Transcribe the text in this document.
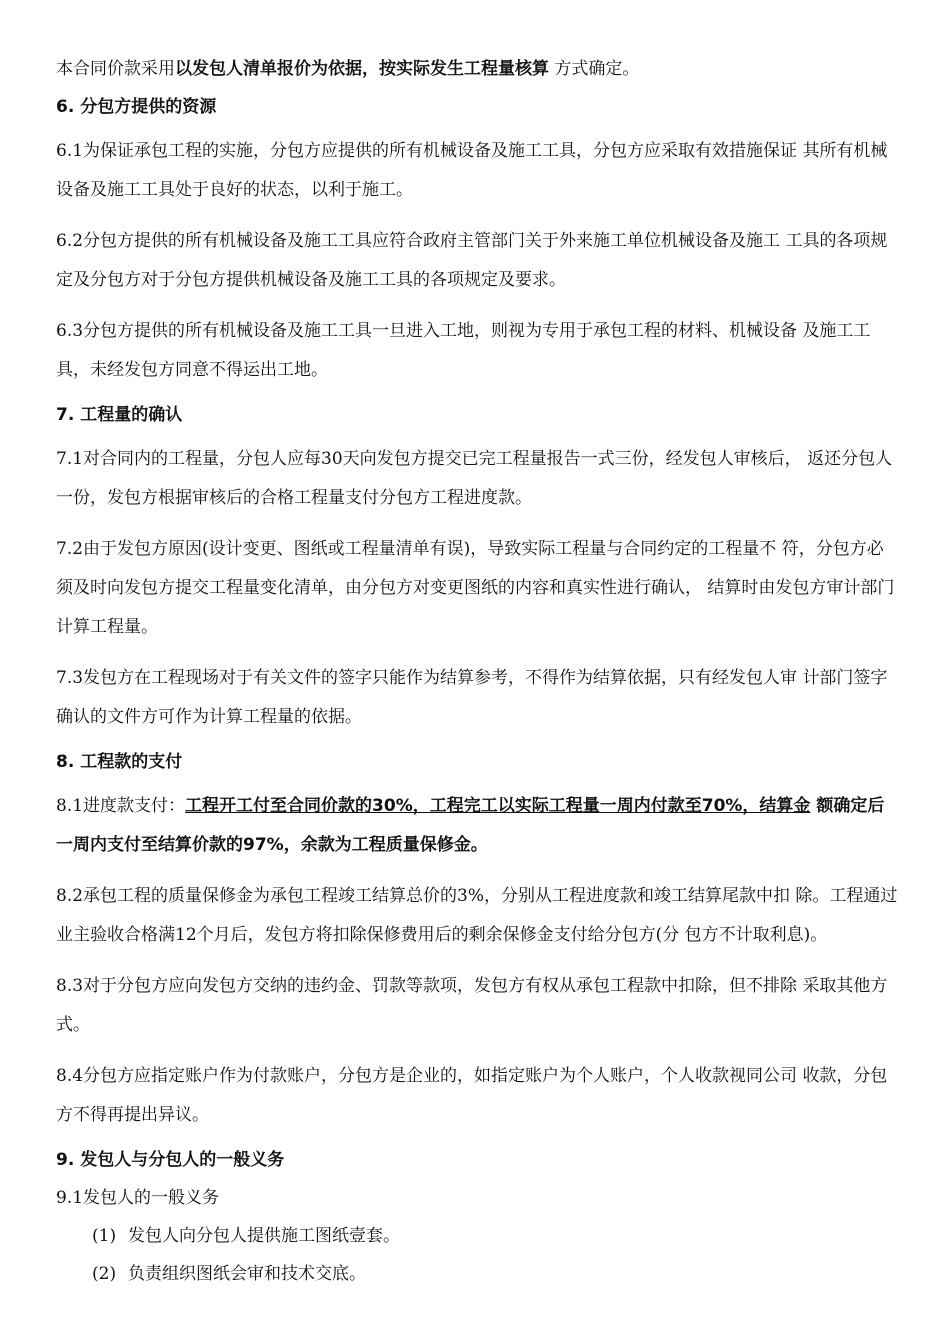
本合同价款采用以发包人清单报价为依据，按实际发生工程量核算 方式确定。

6. 分包方提供的资源

6.1为保证承包工程的实施，分包方应提供的所有机械设备及施工工具，分包方应采取有效措施保证 其所有机械设备及施工工具处于良好的状态，以利于施工。

6.2分包方提供的所有机械设备及施工工具应符合政府主管部门关于外来施工单位机械设备及施工 工具的各项规定及分包方对于分包方提供机械设备及施工工具的各项规定及要求。

6.3分包方提供的所有机械设备及施工工具一旦进入工地，则视为专用于承包工程的材料、机械设备 及施工工具，未经发包方同意不得运出工地。

7. 工程量的确认

7.1对合同内的工程量，分包人应每30天向发包方提交已完工程量报告一式三份，经发包人审核后， 返还分包人一份，发包方根据审核后的合格工程量支付分包方工程进度款。

7.2由于发包方原因(设计变更、图纸或工程量清单有误)，导致实际工程量与合同约定的工程量不 符，分包方必须及时向发包方提交工程量变化清单，由分包方对变更图纸的内容和真实性进行确认， 结算时由发包方审计部门计算工程量。

7.3发包方在工程现场对于有关文件的签字只能作为结算参考，不得作为结算依据，只有经发包人审 计部门签字确认的文件方可作为计算工程量的依据。

8. 工程款的支付

8.1进度款支付：工程开工付至合同价款的30%，工程完工以实际工程量一周内付款至70%，结算金 额确定后一周内支付至结算价款的97%，余款为工程质量保修金。

8.2承包工程的质量保修金为承包工程竣工结算总价的3%，分别从工程进度款和竣工结算尾款中扣 除。工程通过业主验收合格满12个月后，发包方将扣除保修费用后的剩余保修金支付给分包方(分 包方不计取利息)。

8.3对于分包方应向发包方交纳的违约金、罚款等款项，发包方有权从承包工程款中扣除，但不排除 采取其他方式。

8.4分包方应指定账户作为付款账户，分包方是企业的，如指定账户为个人账户，个人收款视同公司 收款，分包方不得再提出异议。

9. 发包人与分包人的一般义务

9.1发包人的一般义务

(1) 发包人向分包人提供施工图纸壹套。

(2) 负责组织图纸会审和技术交底。
